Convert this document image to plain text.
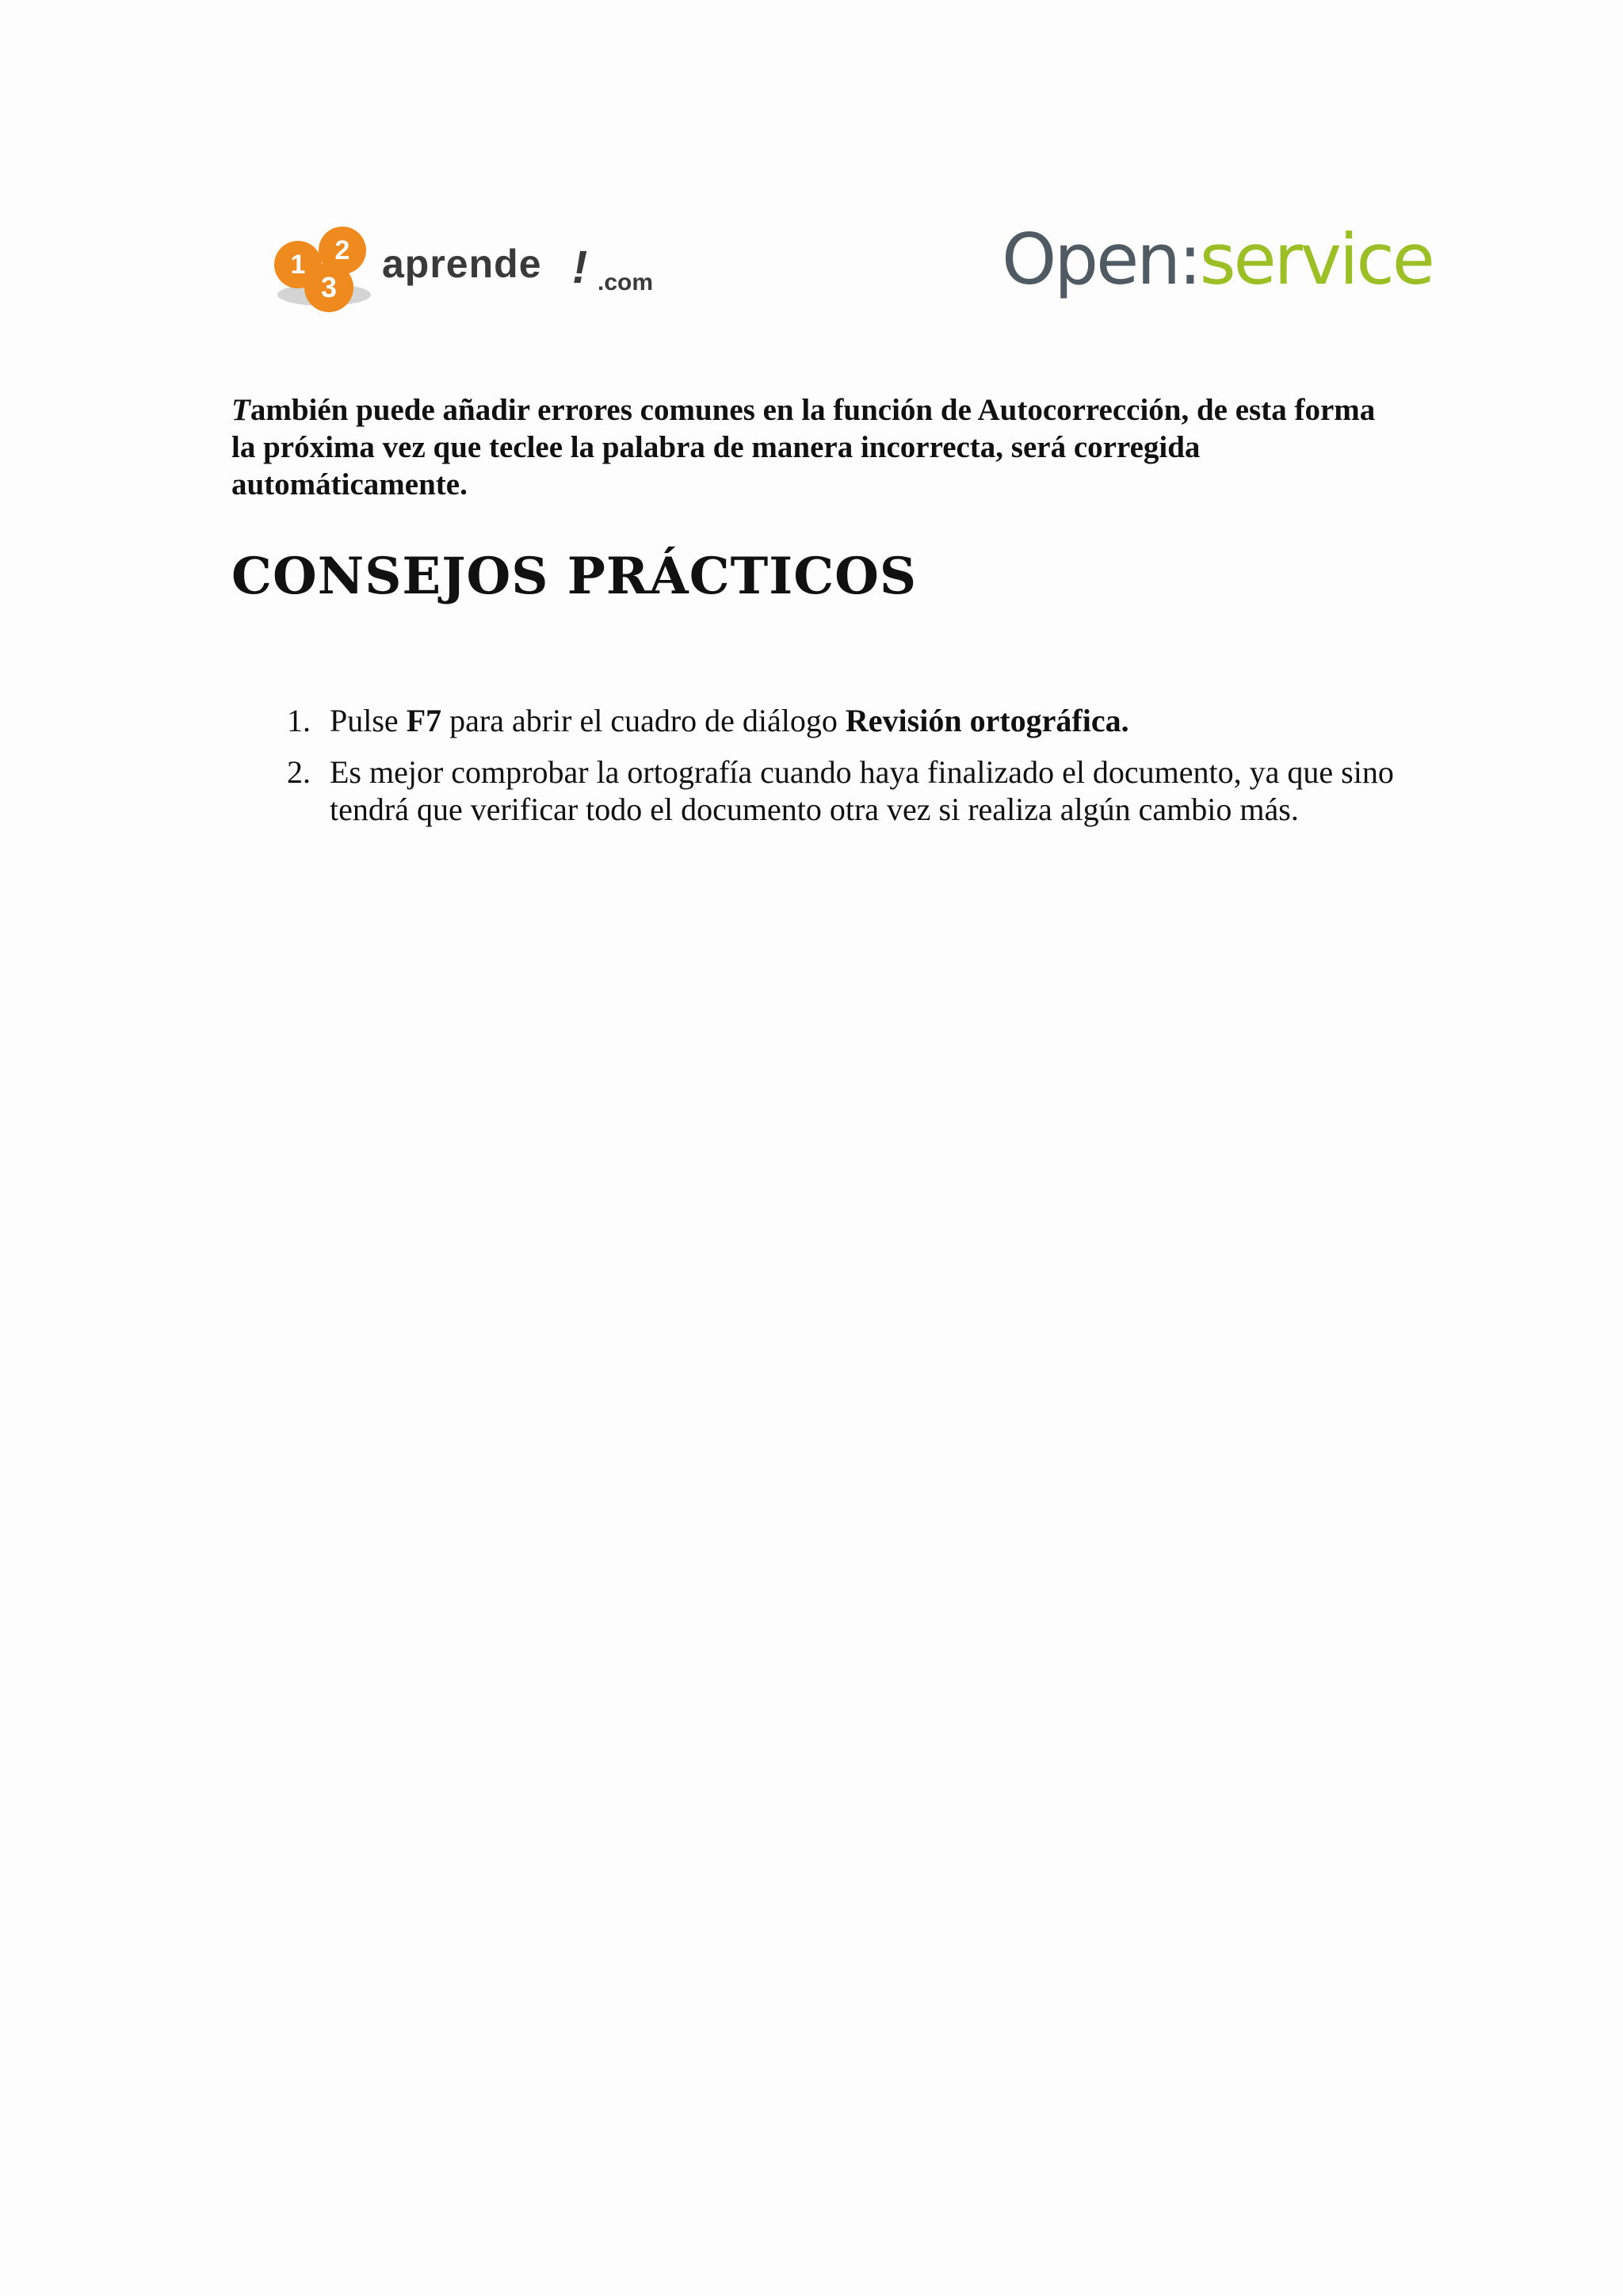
1	2
3
aprende ! .com	Open:service

También puede añadir errores comunes en la función de Autocorrección, de esta forma la próxima vez que teclee la palabra de manera incorrecta, será corregida automáticamente.

CONSEJOS PRÁCTICOS
1. Pulse F7 para abrir el cuadro de diálogo Revisión ortográfica.
2. Es mejor comprobar la ortografía cuando haya finalizado el documento, ya que sino tendrá que verificar todo el documento otra vez si realiza algún cambio más.
